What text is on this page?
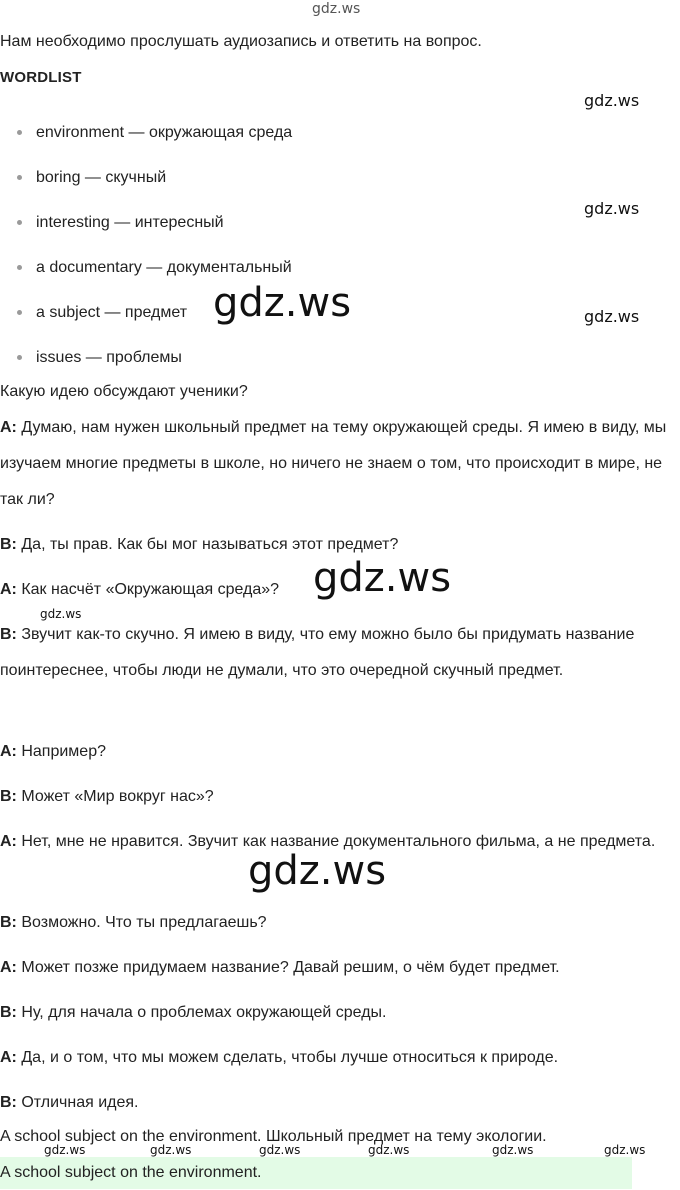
gdz.ws
Нам необходимо прослушать аудиозапись и ответить на вопрос.
WORDLIST
environment — окружающая среда
boring — скучный
interesting — интересный
a documentary — документальный
a subject — предмет
issues — проблемы
Какую идею обсуждают ученики?
A: Думаю, нам нужен школьный предмет на тему окружающей среды. Я имею в виду, мы изучаем многие предметы в школе, но ничего не знаем о том, что происходит в мире, не так ли?
B: Да, ты прав. Как бы мог называться этот предмет?
A: Как насчёт «Окружающая среда»?
B: Звучит как-то скучно. Я имею в виду, что ему можно было бы придумать название поинтереснее, чтобы люди не думали, что это очередной скучный предмет.
A: Например?
B: Может «Мир вокруг нас»?
A: Нет, мне не нравится. Звучит как название документального фильма, а не предмета.
B: Возможно. Что ты предлагаешь?
A: Может позже придумаем название? Давай решим, о чём будет предмет.
B: Ну, для начала о проблемах окружающей среды.
A: Да, и о том, что мы можем сделать, чтобы лучше относиться к природе.
B: Отличная идея.
A school subject on the environment. Школьный предмет на тему экологии.
A school subject on the environment.
gdz.ws
gdz.ws
gdz.ws
gdz.ws
gdz.ws
gdz.ws
gdz.ws
gdz.ws	gdz.ws	gdz.ws	gdz.ws	gdz.ws	gdz.ws
